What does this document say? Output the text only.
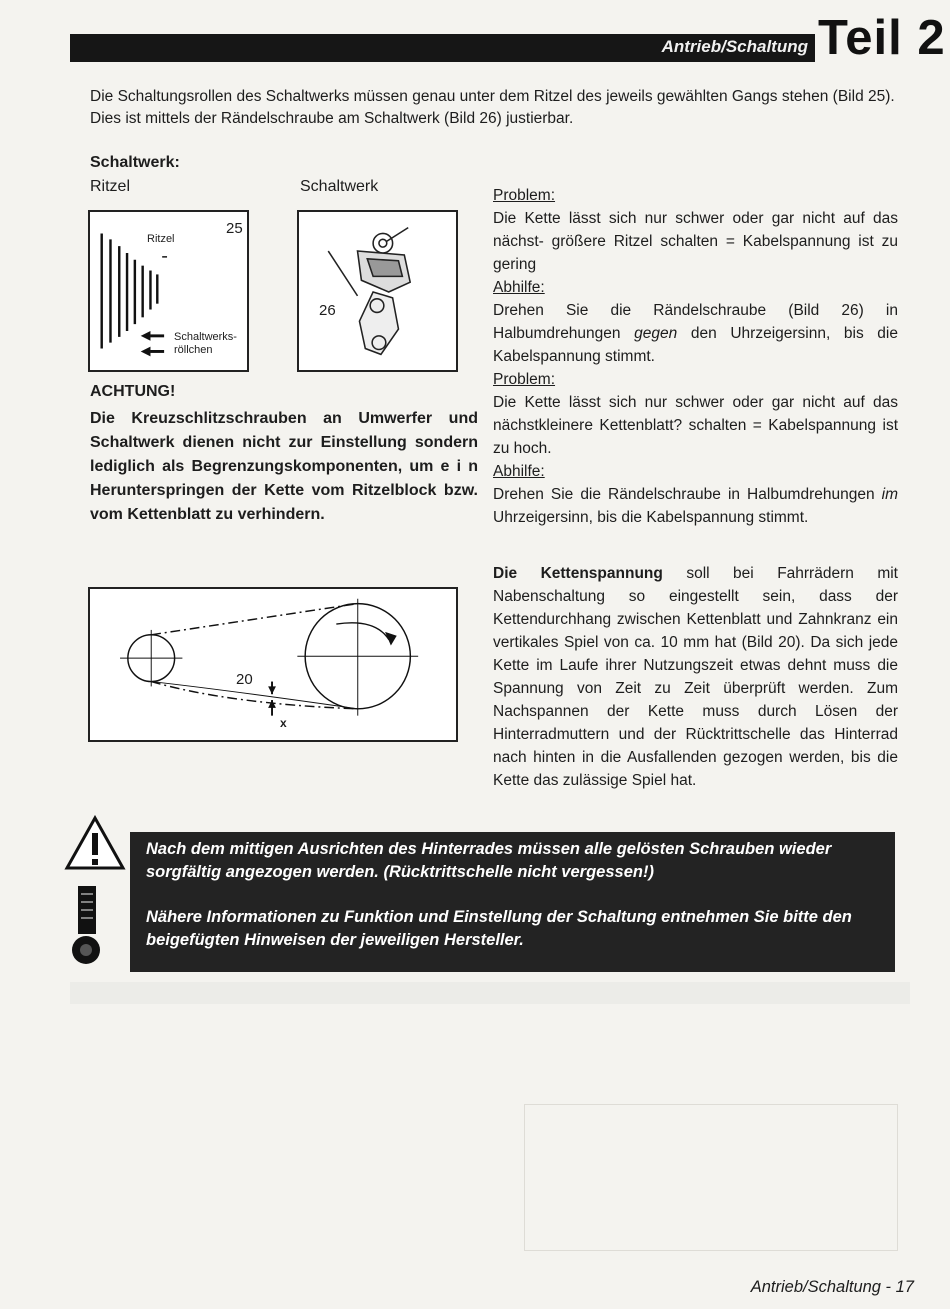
Antrieb/Schaltung Teil 2
Die Schaltungsrollen des Schaltwerks müssen genau unter dem Ritzel des jeweils gewählten Gangs stehen (Bild 25). Dies ist mittels der Rändelschraube am Schaltwerk (Bild 26) justierbar.
Schaltwerk:
Ritzel	Schaltwerk
25
Ritzel
Schaltwerks-
röllchen
26
ACHTUNG!
Die Kreuzschlitzschrauben an Umwerfer und Schaltwerk dienen nicht zur Einstellung sondern lediglich als Begrenzungskomponenten, um e i n Herunterspringen der Kette vom Ritzelblock bzw. vom Kettenblatt zu verhindern.
Problem:
Die Kette lässt sich nur schwer oder gar nicht auf das nächst- größere Ritzel schalten = Kabelspannung ist zu gering
Abhilfe:
Drehen Sie die Rändelschraube (Bild 26) in Halbumdrehungen gegen den Uhrzeigersinn, bis die Kabelspannung stimmt.
Problem:
Die Kette lässt sich nur schwer oder gar nicht auf das nächstkleinere Kettenblatt? schalten = Kabelspannung ist zu hoch.
Abhilfe:
Drehen Sie die Rändelschraube in Halbumdrehungen im Uhrzeigersinn, bis die Kabelspannung stimmt.
20
x
Die Kettenspannung soll bei Fahrrädern mit Nabenschaltung so eingestellt sein, dass der Kettendurchhang zwischen Kettenblatt und Zahnkranz ein vertikales Spiel von ca. 10 mm hat (Bild 20). Da sich jede Kette im Laufe ihrer Nutzungszeit etwas dehnt muss die Spannung von Zeit zu Zeit überprüft werden. Zum Nachspannen der Kette muss durch Lösen der Hinterradmuttern und der Rücktrittschelle das Hinterrad nach hinten in die Ausfallenden gezogen werden, bis die Kette das zulässige Spiel hat.
Nach dem mittigen Ausrichten des Hinterrades müssen alle gelösten Schrauben wieder sorgfältig angezogen werden. (Rücktrittschelle nicht vergessen!)
Nähere Informationen zu Funktion und Einstellung der Schaltung entnehmen Sie bitte den beigefügten Hinweisen der jeweiligen Hersteller.
Antrieb/Schaltung - 17
